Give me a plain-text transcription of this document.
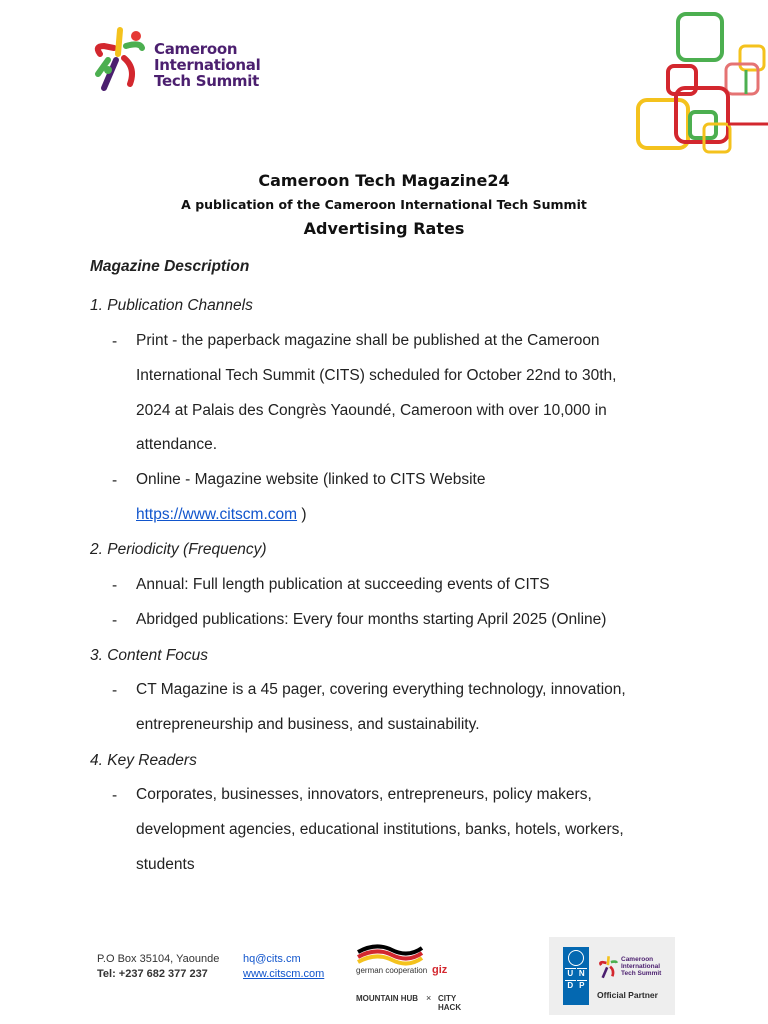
Cameroon
International
Tech Summit
Cameroon Tech Magazine24
A publication of the Cameroon International Tech Summit
Advertising Rates
Magazine Description
1. Publication Channels
- Print - the paperback magazine shall be published at the Cameroon
International Tech Summit (CITS) scheduled for October 22nd to 30th,
2024 at Palais des Congrès Yaoundé, Cameroon with over 10,000 in
attendance.
- Online - Magazine website (linked to CITS Website
https://www.citscm.com )
2. Periodicity (Frequency)
- Annual: Full length publication at succeeding events of CITS
- Abridged publications: Every four months starting April 2025 (Online)
3. Content Focus
- CT Magazine is a 45 pager, covering everything technology, innovation,
entrepreneurship and business, and sustainability.
4. Key Readers
- Corporates, businesses, innovators, entrepreneurs, policy makers,
development agencies, educational institutions, banks, hotels, workers,
students
P.O Box 35104, Yaounde
Tel: +237 682 377 237
hq@cits.cm
www.citscm.com	german cooperation giz
MOUNTAIN HUB × CITY HACK
U N
D P
Cameroon
International
Tech Summit
Official Partner
